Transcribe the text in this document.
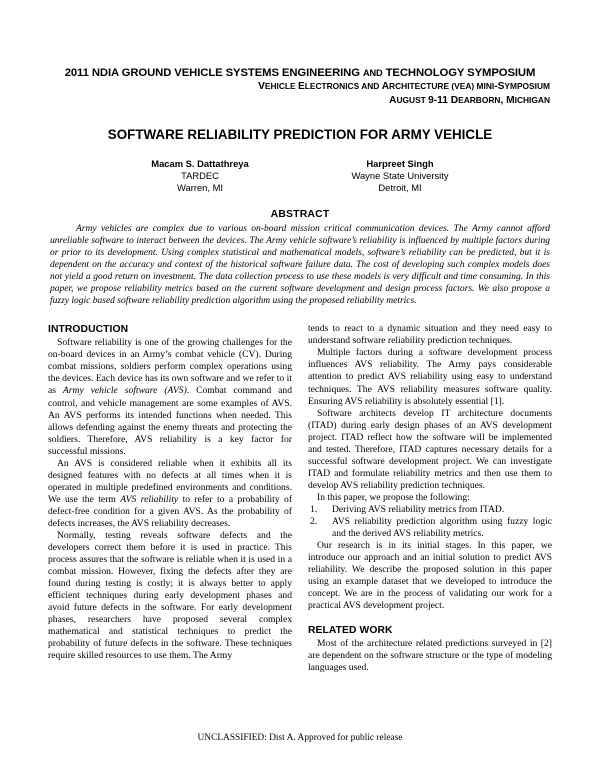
2011 NDIA GROUND VEHICLE SYSTEMS ENGINEERING AND TECHNOLOGY SYMPOSIUM
VEHICLE ELECTRONICS AND ARCHITECTURE (VEA) MINI-SYMPOSIUM
AUGUST 9-11 DEARBORN, MICHIGAN
SOFTWARE RELIABILITY PREDICTION FOR ARMY VEHICLE
Macam S. Dattathreya
TARDEC
Warren, MI
Harpreet Singh
Wayne State University
Detroit, MI
ABSTRACT
Army vehicles are complex due to various on-board mission critical communication devices. The Army cannot afford unreliable software to interact between the devices. The Army vehicle software’s reliability is influenced by multiple factors during or prior to its development. Using complex statistical and mathematical models, software’s reliability can be predicted, but it is dependent on the accuracy and context of the historical software failure data. The cost of developing such complex models does not yield a good return on investment. The data collection process to use these models is very difficult and time consuming. In this paper, we propose reliability metrics based on the current software development and design process factors. We also propose a fuzzy logic based software reliability prediction algorithm using the proposed reliability metrics.
INTRODUCTION

Software reliability is one of the growing challenges for the on-board devices in an Army’s combat vehicle (CV). During combat missions, soldiers perform complex operations using the devices. Each device has its own software and we refer to it as Army vehicle software (AVS). Combat command and control, and vehicle management are some examples of AVS. An AVS performs its intended functions when needed. This allows defending against the enemy threats and protecting the soldiers. Therefore, AVS reliability is a key factor for successful missions.

An AVS is considered reliable when it exhibits all its designed features with no defects at all times when it is operated in multiple predefined environments and conditions. We use the term AVS reliability to refer to a probability of defect-free condition for a given AVS. As the probability of defects increases, the AVS reliability decreases.

Normally, testing reveals software defects and the developers correct them before it is used in practice. This process assures that the software is reliable when it is used in a combat mission. However, fixing the defects after they are found during testing is costly; it is always better to apply efficient techniques during early development phases and avoid future defects in the software. For early development phases, researchers have proposed several complex mathematical and statistical techniques to predict the probability of future defects in the software. These techniques require skilled resources to use them. The Army

tends to react to a dynamic situation and they need easy to understand software reliability prediction techniques.

Multiple factors during a software development process influences AVS reliability. The Army pays considerable attention to predict AVS reliability using easy to understand techniques. The AVS reliability measures software quality. Ensuring AVS reliability is absolutely essential [1].

Software architects develop IT architecture documents (ITAD) during early design phases of an AVS development project. ITAD reflect how the software will be implemented and tested. Therefore, ITAD captures necessary details for a successful software development project. We can investigate ITAD and formulate reliability metrics and then use them to develop AVS reliability prediction techniques.

In this paper, we propose the following:

1. Deriving AVS reliability metrics from ITAD.
2. AVS reliability prediction algorithm using fuzzy logic and the derived AVS reliability metrics.

Our research is in its initial stages. In this paper, we introduce our approach and an initial solution to predict AVS reliability. We describe the proposed solution in this paper using an example dataset that we developed to introduce the concept. We are in the process of validating our work for a practical AVS development project.

RELATED WORK

Most of the architecture related predictions surveyed in [2] are dependent on the software structure or the type of modeling languages used.

UNCLASSIFIED: Dist A. Approved for public release
